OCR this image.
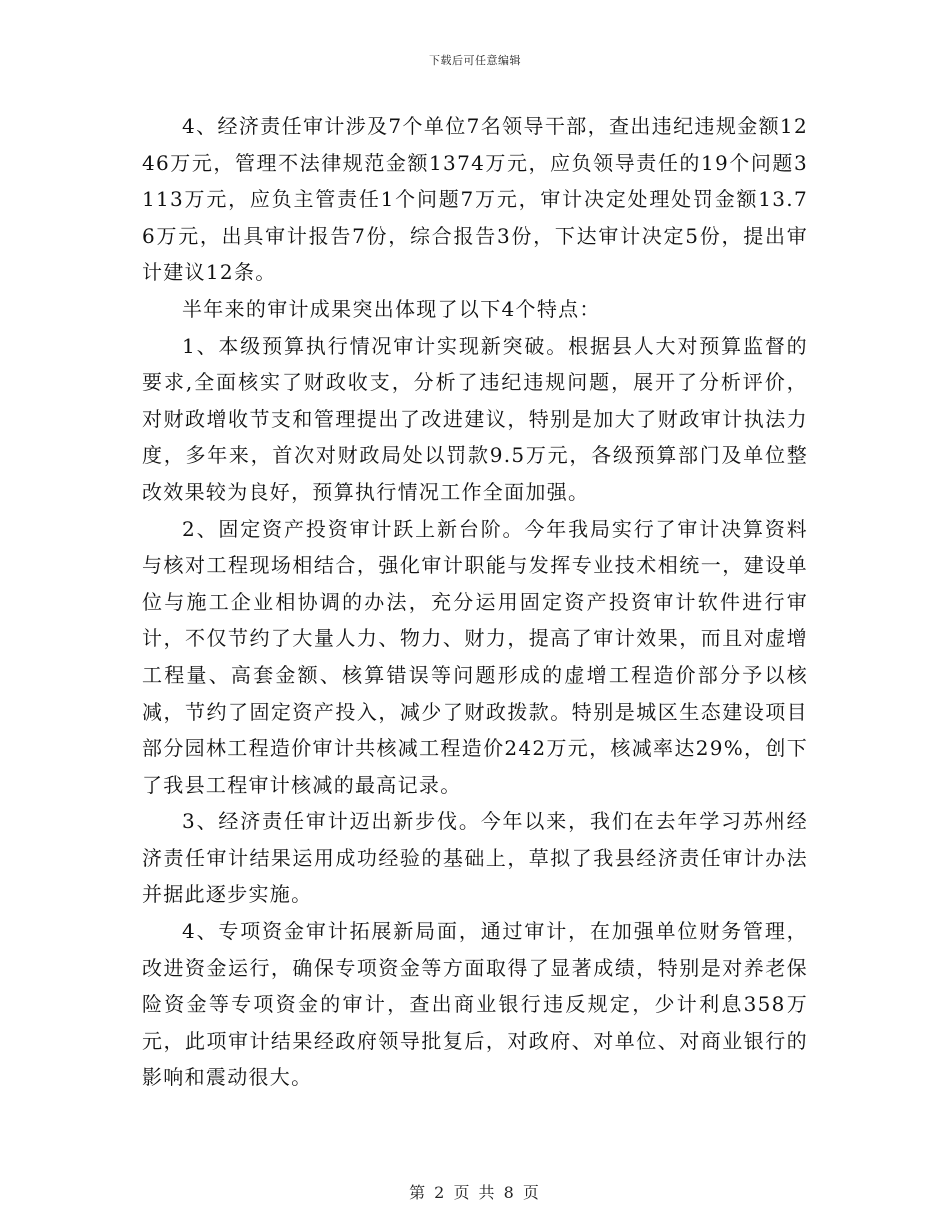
下载后可任意编辑

4、经济责任审计涉及7个单位7名领导干部，查出违纪违规金额1246万元，管理不法律规范金额1374万元，应负领导责任的19个问题3113万元，应负主管责任1个问题7万元，审计决定处理处罚金额13.76万元，出具审计报告7份，综合报告3份，下达审计决定5份，提出审计建议12条。

半年来的审计成果突出体现了以下4个特点：

1、本级预算执行情况审计实现新突破。根据县人大对预算监督的要求,全面核实了财政收支，分析了违纪违规问题，展开了分析评价，对财政增收节支和管理提出了改进建议，特别是加大了财政审计执法力度，多年来，首次对财政局处以罚款9.5万元，各级预算部门及单位整改效果较为良好，预算执行情况工作全面加强。

2、固定资产投资审计跃上新台阶。今年我局实行了审计决算资料与核对工程现场相结合，强化审计职能与发挥专业技术相统一，建设单位与施工企业相协调的办法，充分运用固定资产投资审计软件进行审计，不仅节约了大量人力、物力、财力，提高了审计效果，而且对虚增工程量、高套金额、核算错误等问题形成的虚增工程造价部分予以核减，节约了固定资产投入，减少了财政拨款。特别是城区生态建设项目部分园林工程造价审计共核减工程造价242万元，核减率达29%，创下了我县工程审计核减的最高记录。

3、经济责任审计迈出新步伐。今年以来，我们在去年学习苏州经济责任审计结果运用成功经验的基础上，草拟了我县经济责任审计办法并据此逐步实施。

4、专项资金审计拓展新局面，通过审计，在加强单位财务管理，改进资金运行，确保专项资金等方面取得了显著成绩，特别是对养老保险资金等专项资金的审计，查出商业银行违反规定，少计利息358万元，此项审计结果经政府领导批复后，对政府、对单位、对商业银行的影响和震动很大。

第 2 页 共 8 页
